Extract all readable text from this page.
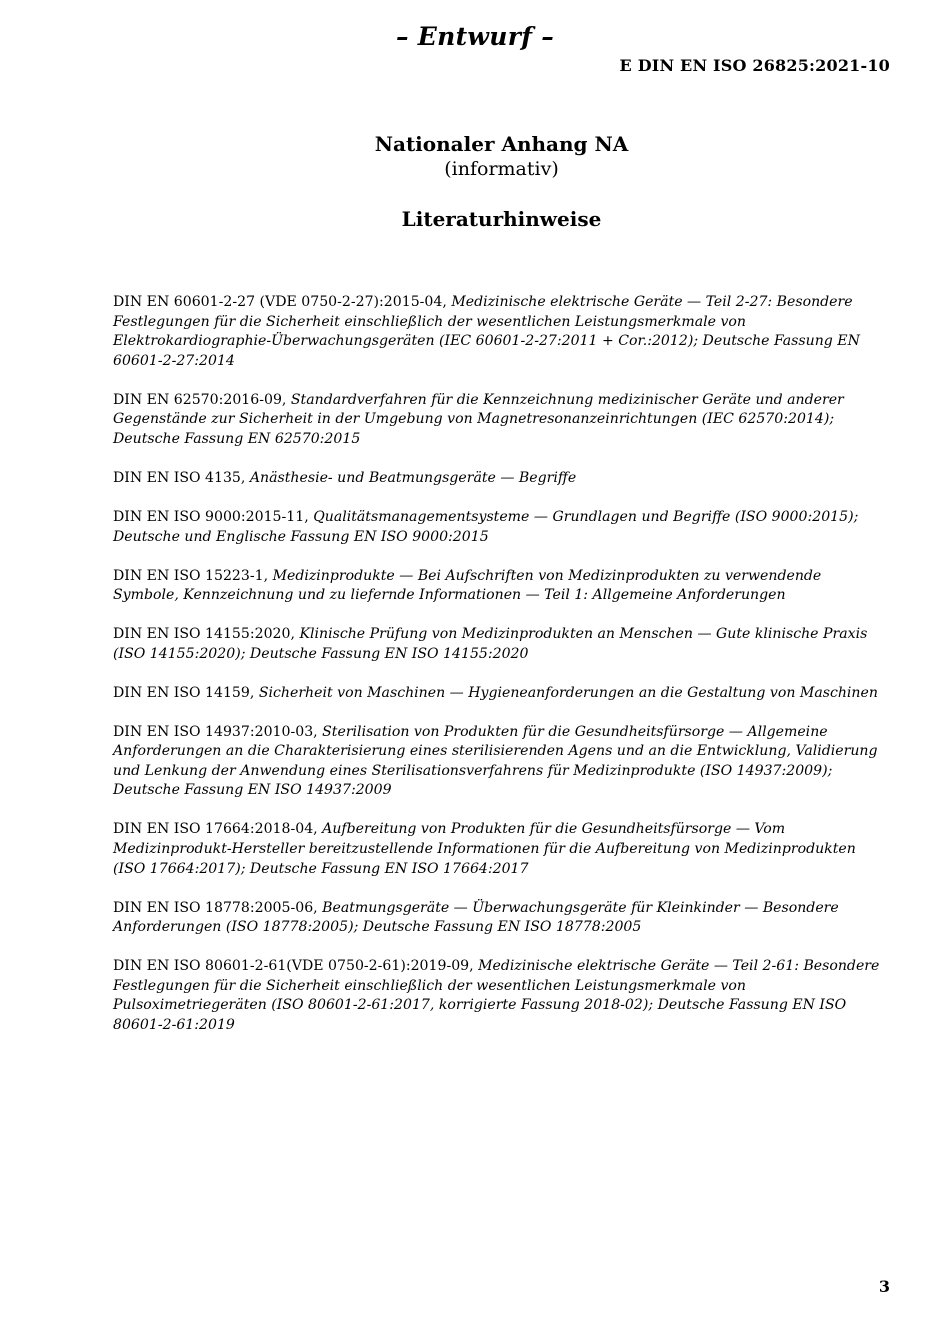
– Entwurf –
E DIN EN ISO 26825:2021-10
Nationaler Anhang NA
(informativ)
Literaturhinweise

DIN EN 60601-2-27 (VDE 0750-2-27):2015-04, Medizinische elektrische Geräte — Teil 2-27: Besondere Festlegungen für die Sicherheit einschließlich der wesentlichen Leistungsmerkmale von Elektrokardiographie-Überwachungsgeräten (IEC 60601-2-27:2011 + Cor.:2012); Deutsche Fassung EN 60601-2-27:2014

DIN EN 62570:2016-09, Standardverfahren für die Kennzeichnung medizinischer Geräte und anderer Gegenstände zur Sicherheit in der Umgebung von Magnetresonanzeinrichtungen (IEC 62570:2014); Deutsche Fassung EN 62570:2015

DIN EN ISO 4135, Anästhesie- und Beatmungsgeräte — Begriffe

DIN EN ISO 9000:2015-11, Qualitätsmanagementsysteme — Grundlagen und Begriffe (ISO 9000:2015); Deutsche und Englische Fassung EN ISO 9000:2015

DIN EN ISO 15223-1, Medizinprodukte — Bei Aufschriften von Medizinprodukten zu verwendende Symbole, Kennzeichnung und zu liefernde Informationen — Teil 1: Allgemeine Anforderungen

DIN EN ISO 14155:2020, Klinische Prüfung von Medizinprodukten an Menschen — Gute klinische Praxis (ISO 14155:2020); Deutsche Fassung EN ISO 14155:2020

DIN EN ISO 14159, Sicherheit von Maschinen — Hygieneanforderungen an die Gestaltung von Maschinen

DIN EN ISO 14937:2010-03, Sterilisation von Produkten für die Gesundheitsfürsorge — Allgemeine Anforderungen an die Charakterisierung eines sterilisierenden Agens und an die Entwicklung, Validierung und Lenkung der Anwendung eines Sterilisationsverfahrens für Medizinprodukte (ISO 14937:2009); Deutsche Fassung EN ISO 14937:2009

DIN EN ISO 17664:2018-04, Aufbereitung von Produkten für die Gesundheitsfürsorge — Vom Medizinprodukt-Hersteller bereitzustellende Informationen für die Aufbereitung von Medizinprodukten (ISO 17664:2017); Deutsche Fassung EN ISO 17664:2017

DIN EN ISO 18778:2005-06, Beatmungsgeräte — Überwachungsgeräte für Kleinkinder — Besondere Anforderungen (ISO 18778:2005); Deutsche Fassung EN ISO 18778:2005

DIN EN ISO 80601-2-61(VDE 0750-2-61):2019-09, Medizinische elektrische Geräte — Teil 2-61: Besondere Festlegungen für die Sicherheit einschließlich der wesentlichen Leistungsmerkmale von Pulsoximetriegeräten (ISO 80601-2-61:2017, korrigierte Fassung 2018-02); Deutsche Fassung EN ISO 80601-2-61:2019

3
